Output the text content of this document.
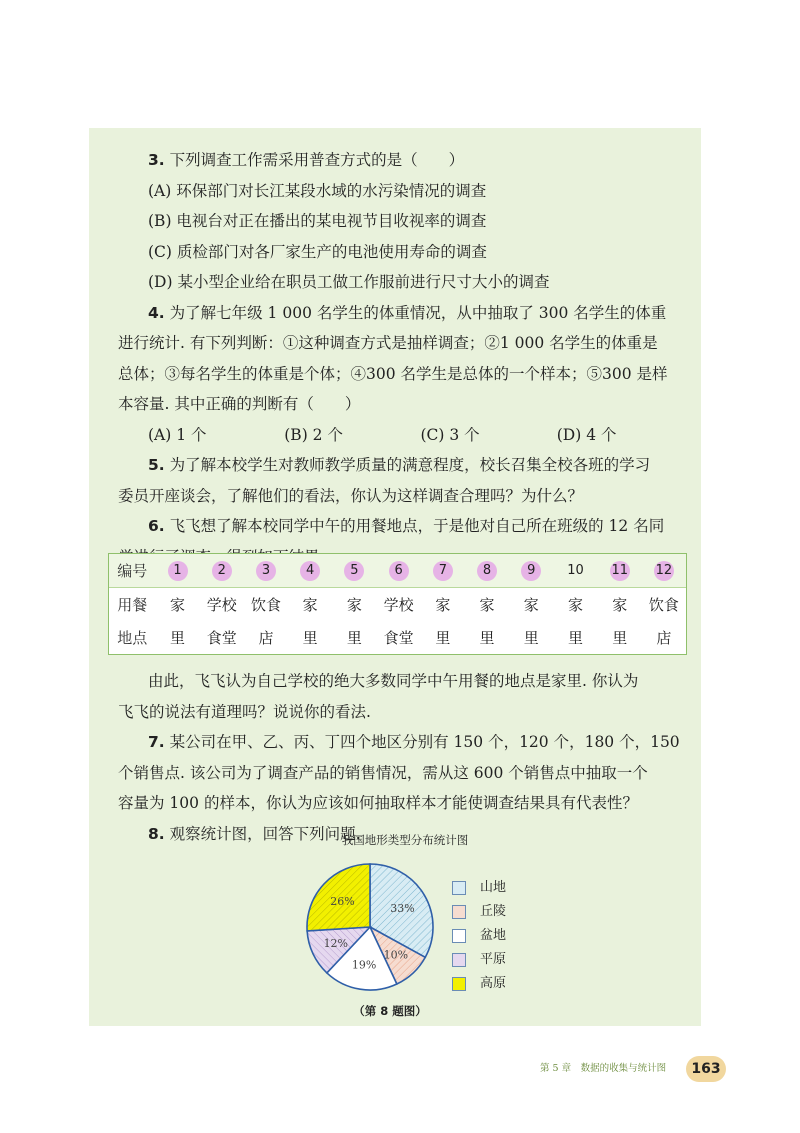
3. 下列调查工作需采用普查方式的是（　　）
(A) 环保部门对长江某段水域的水污染情况的调查
(B) 电视台对正在播出的某电视节目收视率的调查
(C) 质检部门对各厂家生产的电池使用寿命的调查
(D) 某小型企业给在职员工做工作服前进行尺寸大小的调查
4. 为了解七年级 1 000 名学生的体重情况，从中抽取了 300 名学生的体重
进行统计. 有下列判断：①这种调查方式是抽样调查；②1 000 名学生的体重是
总体；③每名学生的体重是个体；④300 名学生是总体的一个样本；⑤300 是样
本容量. 其中正确的判断有（　　）
(A) 1 个	(B) 2 个	(C) 3 个	(D) 4 个
5. 为了解本校学生对教师教学质量的满意程度，校长召集全校各班的学习
委员开座谈会，了解他们的看法，你认为这样调查合理吗？为什么？
6. 飞飞想了解本校同学中午的用餐地点，于是他对自己所在班级的 12 名同
编号	1	2	3	4	5	6	7	8	9	10	11	12
用餐	家	学校 饮食	家	家	学校	家	家	家	家	家	饮食
地点	里	食堂	店	里	里	食堂	里	里	里	里	里	店
由此，飞飞认为自己学校的绝大多数同学中午用餐的地点是家里. 你认为
飞飞的说法有道理吗？说说你的看法.
7. 某公司在甲、乙、丙、丁四个地区分别有 150 个，120 个，180 个，150
个销售点. 该公司为了调查产品的销售情况，需从这 600 个销售点中抽取一个
容量为 100 的样本，你认为应该如何抽取样本才能使调查结果具有代表性？
8. 观察统计图，回答下列问题.
我国地形类型分布统计图
33%
10%
19%
12%
26%
山地
丘陵
盆地
平原
高原
（第 8 题图）
第 5 章　数据的收集与统计图	163
